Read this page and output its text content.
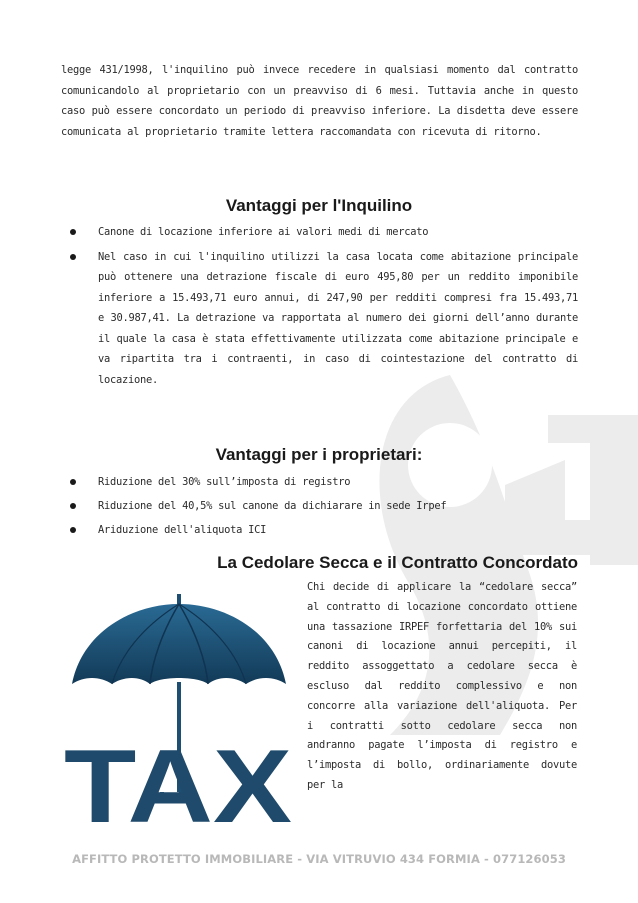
legge 431/1998, l'inquilino può invece recedere in qualsiasi momento dal contratto comunicandolo al proprietario con un preavviso di 6 mesi. Tuttavia anche in questo caso può essere concordato un periodo di preavviso inferiore. La disdetta deve essere comunicata al proprietario tramite lettera raccomandata con ricevuta di ritorno.
Vantaggi per l'Inquilino
Canone di locazione inferiore ai valori medi di mercato
Nel caso in cui l'inquilino utilizzi la casa locata come abitazione principale può ottenere una detrazione fiscale di euro 495,80 per un reddito imponibile inferiore a 15.493,71 euro annui, di 247,90 per redditi compresi fra 15.493,71 e 30.987,41. La detrazione va rapportata al numero dei giorni dell’anno durante il quale la casa è stata effettivamente utilizzata come abitazione principale e va ripartita tra i contraenti, in caso di cointestazione del contratto di locazione.
Vantaggi per i proprietari:
Riduzione del 30% sull’imposta di registro
Riduzione del 40,5% sul canone da dichiarare in sede Irpef
Ariduzione dell'aliquota ICI
La Cedolare Secca e il Contratto Concordato
TAX
Chi decide di applicare la “cedolare secca” al contratto di locazione concordato ottiene una tassazione IRPEF forfettaria del 10% sui canoni di locazione annui percepiti, il reddito assoggettato a cedolare secca è escluso dal reddito complessivo e non concorre alla variazione dell'aliquota. Per i contratti sotto cedolare secca non andranno pagate l’imposta di registro e l’imposta di bollo, ordinariamente dovute per la
AFFITTO PROTETTO IMMOBILIARE - VIA VITRUVIO 434 FORMIA - 077126053
